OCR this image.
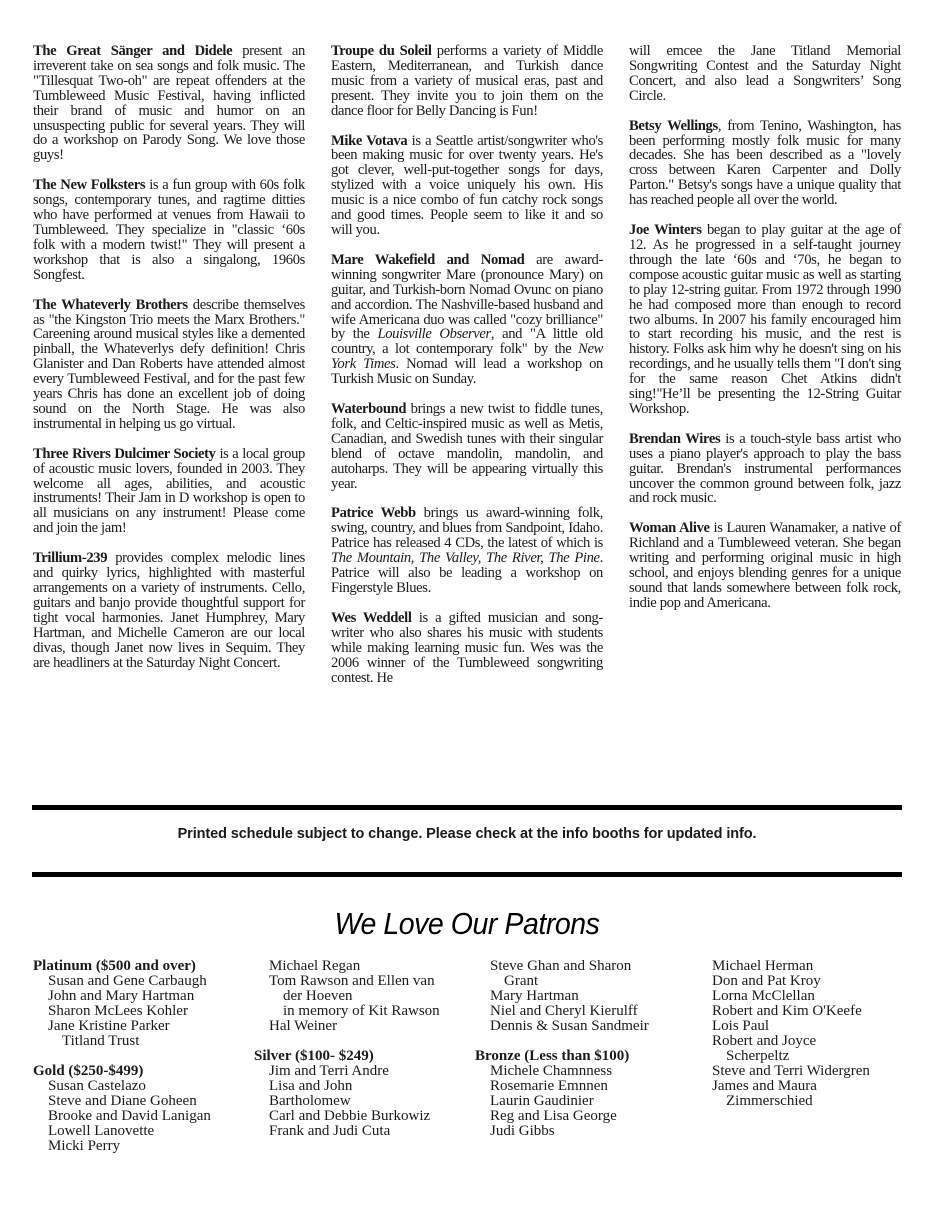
The Great Sänger and Didele present an irreverent take on sea songs and folk music. The "Tillesquat Two-oh" are repeat offenders at the Tumbleweed Music Festival, having inflicted their brand of music and humor on an unsuspecting public for several years. They will do a workshop on Parody Song. We love those guys!

The New Folksters is a fun group with 60s folk songs, contemporary tunes, and ragtime ditties who have performed at venues from Hawaii to Tumbleweed. They specialize in "classic ‘60s folk with a modern twist!" They will present a workshop that is also a singalong, 1960s Songfest.

The Whateverly Brothers describe themselves as "the Kingston Trio meets the Marx Brothers." Careening around musical styles like a demented pinball, the Whateverlys defy definition! Chris Glanister and Dan Roberts have attended almost every Tumbleweed Festival, and for the past few years Chris has done an excellent job of doing sound on the North Stage. He was also instrumental in helping us go virtual.

Three Rivers Dulcimer Society is a local group of acoustic music lovers, founded in 2003. They welcome all ages, abilities, and acoustic instruments! Their Jam in D workshop is open to all musicians on any instrument! Please come and join the jam!

Trillium-239 provides complex melodic lines and quirky lyrics, highlighted with masterful arrangements on a variety of instruments. Cello, guitars and banjo provide thoughtful support for tight vocal harmonies. Janet Humphrey, Mary Hartman, and Michelle Cameron are our local divas, though Janet now lives in Sequim. They are headliners at the Saturday Night Concert.

Troupe du Soleil performs a variety of Middle Eastern, Mediterranean, and Turkish dance music from a variety of musical eras, past and present. They invite you to join them on the dance floor for Belly Dancing is Fun!

Mike Votava is a Seattle artist/songwriter who's been making music for over twenty years. He's got clever, well-put-together songs for days, stylized with a voice uniquely his own. His music is a nice combo of fun catchy rock songs and good times. People seem to like it and so will you.

Mare Wakefield and Nomad are award-winning songwriter Mare (pronounce Mary) on guitar, and Turkish-born Nomad Ovunc on piano and accordion. The Nashville-based husband and wife Americana duo was called "cozy brilliance" by the Louisville Observer, and "A little old country, a lot contemporary folk" by the New York Times. Nomad will lead a workshop on Turkish Music on Sunday.

Waterbound brings a new twist to fiddle tunes, folk, and Celtic-inspired music as well as Metis, Canadian, and Swedish tunes with their singular blend of octave mandolin, mandolin, and autoharps. They will be appearing virtually this year.

Patrice Webb brings us award-winning folk, swing, country, and blues from Sandpoint, Idaho. Patrice has released 4 CDs, the latest of which is The Mountain, The Valley, The River, The Pine. Patrice will also be leading a workshop on Fingerstyle Blues.

Wes Weddell is a gifted musician and song-writer who also shares his music with students while making learning music fun. Wes was the 2006 winner of the Tumbleweed songwriting contest. He

will emcee the Jane Titland Memorial Songwriting Contest and the Saturday Night Concert, and also lead a Songwriters’ Song Circle.

Betsy Wellings, from Tenino, Washington, has been performing mostly folk music for many decades. She has been described as a "lovely cross between Karen Carpenter and Dolly Parton." Betsy's songs have a unique quality that has reached people all over the world.

Joe Winters began to play guitar at the age of 12. As he progressed in a self-taught journey through the late ‘60s and ‘70s, he began to compose acoustic guitar music as well as starting to play 12-string guitar. From 1972 through 1990 he had composed more than enough to record two albums. In 2007 his family encouraged him to start recording his music, and the rest is history. Folks ask him why he doesn't sing on his recordings, and he usually tells them "I don't sing for the same reason Chet Atkins didn't sing!"He’ll be presenting the 12-String Guitar Workshop.

Brendan Wires is a touch-style bass artist who uses a piano player's approach to play the bass guitar. Brendan's instrumental performances uncover the common ground between folk, jazz and rock music.

Woman Alive is Lauren Wanamaker, a native of Richland and a Tumbleweed veteran. She began writing and performing original music in high school, and enjoys blending genres for a unique sound that lands somewhere between folk rock, indie pop and Americana.

Printed schedule subject to change. Please check at the info booths for updated info.
We Love Our Patrons
Platinum ($500 and over)
Susan and Gene Carbaugh
John and Mary Hartman
Sharon McLees Kohler
Jane Kristine Parker
Titland Trust
Gold ($250-$499)
Susan Castelazo
Steve and Diane Goheen
Brooke and David Lanigan
Lowell Lanovette
Micki Perry
Michael Regan
Tom Rawson and Ellen van
der Hoeven
in memory of Kit Rawson
Hal Weiner
Silver ($100- $249)
Jim and Terri Andre
Lisa and John
Bartholomew
Carl and Debbie Burkowiz
Frank and Judi Cuta
Steve Ghan and Sharon
Grant
Mary Hartman
Niel and Cheryl Kierulff
Dennis & Susan Sandmeir
Bronze (Less than $100)
Michele Chamnness
Rosemarie Emnnen
Laurin Gaudinier
Reg and Lisa George
Judi Gibbs
Michael Herman
Don and Pat Kroy
Lorna McClellan
Robert and Kim O'Keefe
Lois Paul
Robert and Joyce
Scherpeltz
Steve and Terri Widergren
James and Maura
Zimmerschied
